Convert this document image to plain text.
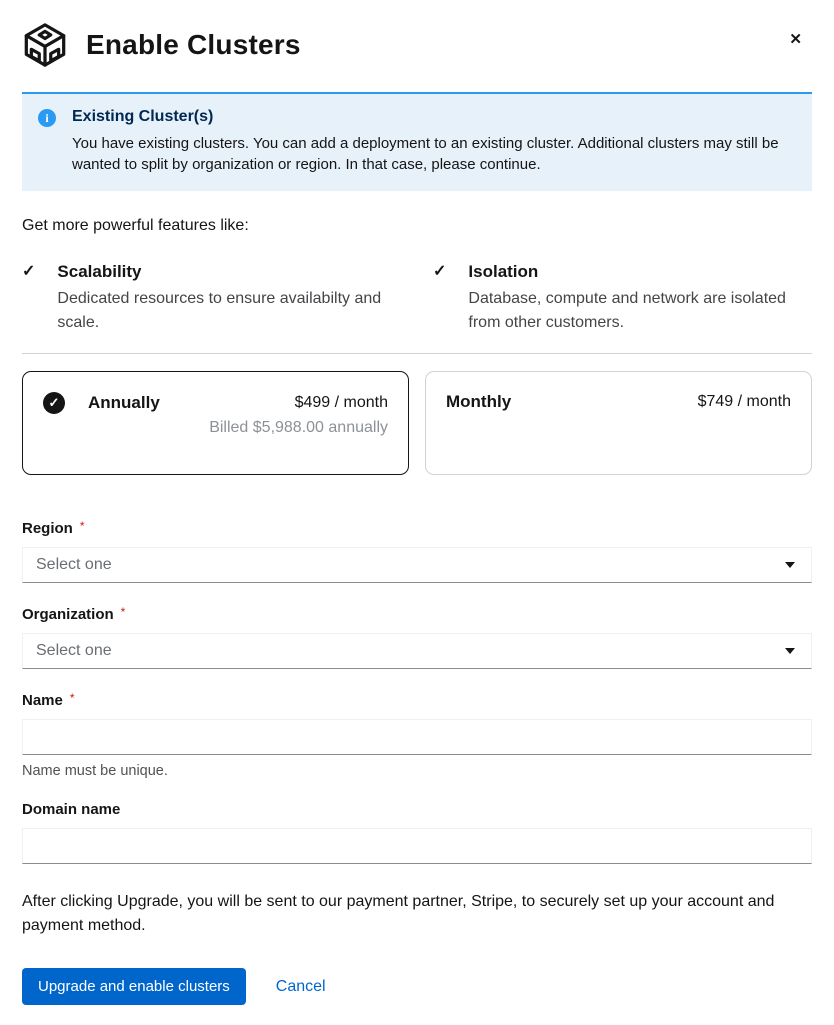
Enable Clusters	✕
i	Existing Cluster(s)

You have existing clusters. You can add a deployment to an existing cluster. Additional clusters may still be wanted to split by organization or region. In that case, please continue.

Get more powerful features like:

✓ Scalability

Dedicated resources to ensure availabilty and scale.

✓ Isolation

Database, compute and network are isolated from other customers.

✓	Annually	$499 / month
Billed $5,988.00 annually
Monthly	$749 / month
Region *
Select one
Organization *
Select one
Name *

Name must be unique.

Domain name

After clicking Upgrade, you will be sent to our payment partner, Stripe, to securely set up your account and payment method.

Upgrade and enable clusters	Cancel
